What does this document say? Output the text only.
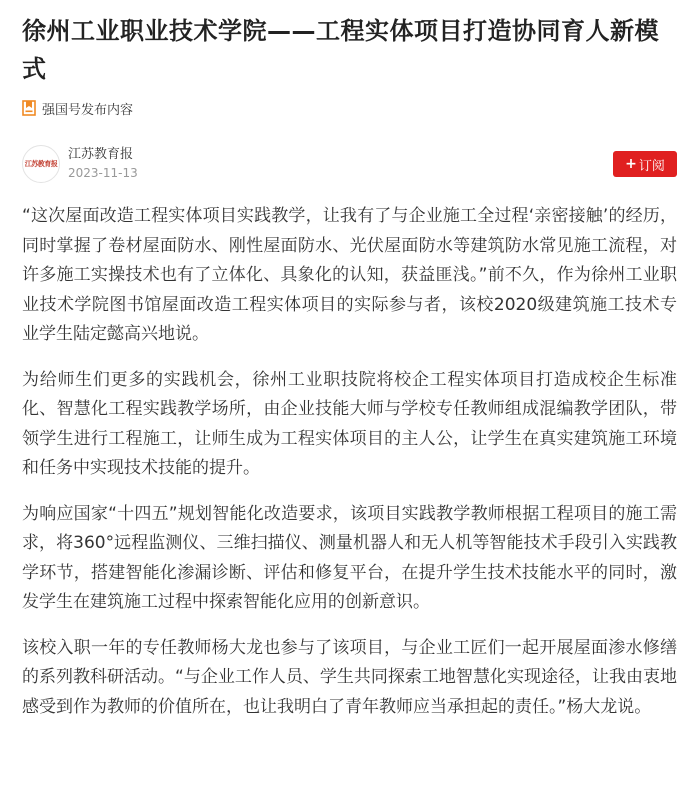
徐州工业职业技术学院——工程实体项目打造协同育人新模式
强国号发布内容
江苏教育报
江苏教育报
2023-11-13
+ 订阅

“这次屋面改造工程实体项目实践教学，让我有了与企业施工全过程‘亲密接触’的经历，同时掌握了卷材屋面防水、刚性屋面防水、光伏屋面防水等建筑防水常见施工流程，对许多施工实操技术也有了立体化、具象化的认知，获益匪浅。”前不久，作为徐州工业职业技术学院图书馆屋面改造工程实体项目的实际参与者，该校2020级建筑施工技术专业学生陆定懿高兴地说。

为给师生们更多的实践机会，徐州工业职技院将校企工程实体项目打造成校企生标准化、智慧化工程实践教学场所，由企业技能大师与学校专任教师组成混编教学团队，带领学生进行工程施工，让师生成为工程实体项目的主人公，让学生在真实建筑施工环境和任务中实现技术技能的提升。

为响应国家“十四五”规划智能化改造要求，该项目实践教学教师根据工程项目的施工需求，将360°远程监测仪、三维扫描仪、测量机器人和无人机等智能技术手段引入实践教学环节，搭建智能化渗漏诊断、评估和修复平台，在提升学生技术技能水平的同时，激发学生在建筑施工过程中探索智能化应用的创新意识。

该校入职一年的专任教师杨大龙也参与了该项目，与企业工匠们一起开展屋面渗水修缮的系列教科研活动。“与企业工作人员、学生共同探索工地智慧化实现途径，让我由衷地感受到作为教师的价值所在，也让我明白了青年教师应当承担起的责任。”杨大龙说。
